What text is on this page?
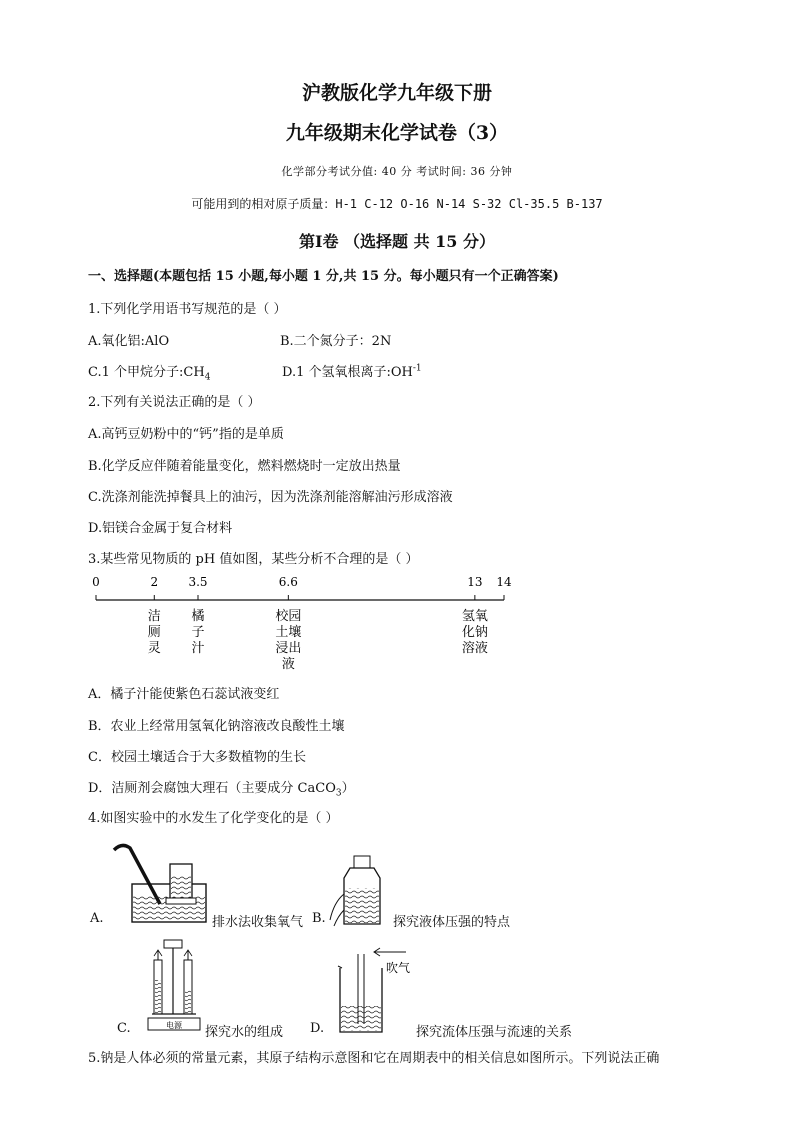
沪教版化学九年级下册
九年级期末化学试卷（3）
化学部分考试分值: 40 分 考试时间: 36 分钟
可能用到的相对原子质量：H-1 C-12 O-16 N-14 S-32 Cl-35.5 B-137
第Ⅰ卷 （选择题 共 15 分）
一、选择题(本题包括 15 小题,每小题 1 分,共 15 分。每小题只有一个正确答案)
1.下列化学用语书写规范的是（ ）
A.氧化铝:AlO	B.二个氮分子：2N
C.1 个甲烷分子$:CH_4$	D.1 个氢氧根离子$:OH^{-1}$
2.下列有关说法正确的是（ ）
A.高钙豆奶粉中的“钙”指的是单质
B.化学反应伴随着能量变化，燃料燃烧时一定放出热量
C.洗涤剂能洗掉餐具上的油污，因为洗涤剂能溶解油污形成溶液
D.铝镁合金属于复合材料
3.某些常见物质的 pH 值如图，某些分析不合理的是（ ）
0	2	3.5	6.6	13 14
洁
厕
灵
橘
子
汁
校园
土壤
浸出
液
氢氧
化钠
溶液
A．橘子汁能使紫色石蕊试液变红
B．农业上经常用氢氧化钠溶液改良酸性土壤
C．校园土壤适合于大多数植物的生长
D．洁厕剂会腐蚀大理石（主要成分 CaCO$_3$）
4.如图实验中的水发生了化学变化的是（ ）
A.	排水法收集氧气 B.	探究液体压强的特点
电源
C.	探究水的组成
吹气
D.	探究流体压强与流速的关系
5.钠是人体必须的常量元素，其原子结构示意图和它在周期表中的相关信息如图所示。下列说法正确
